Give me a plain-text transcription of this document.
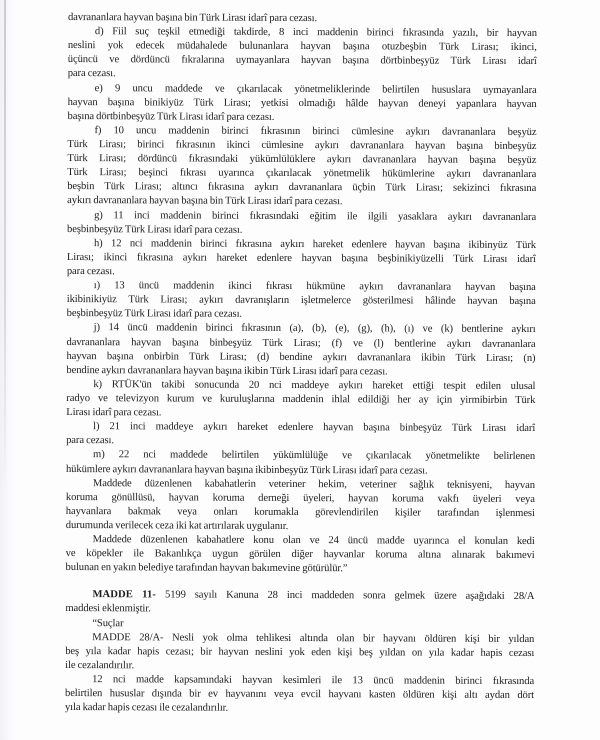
davrananlara hayvan başına bin Türk Lirası idarî para cezası.
d) Fiil suç teşkil etmediği takdirde, 8 inci maddenin birinci fıkrasında yazılı, bir hayvan
neslini yok edecek müdahalede bulunanlara hayvan başına otuzbeşbin Türk Lirası; ikinci,
üçüncü ve dördüncü fıkralarına uymayanlara hayvan başına dörtbinbeşyüz Türk Lirası idarî
para cezası.
e) 9 uncu maddede ve çıkarılacak yönetmeliklerinde belirtilen hususlara uymayanlara
hayvan başına binikiyüz Türk Lirası; yetkisi olmadığı hâlde hayvan deneyi yapanlara hayvan
başına dörtbinbeşyüz Türk Lirası idarî para cezası.
f) 10 uncu maddenin birinci fıkrasının birinci cümlesine aykırı davrananlara beşyüz
Türk Lirası; birinci fıkrasının ikinci cümlesine aykırı davrananlara hayvan başına binbeşyüz
Türk Lirası; dördüncü fıkrasındaki yükümlülüklere aykırı davrananlara hayvan başına beşyüz
Türk Lirası; beşinci fıkrası uyarınca çıkarılacak yönetmelik hükümlerine aykırı davrananlara
beşbin Türk Lirası; altıncı fıkrasına aykırı davrananlara üçbin Türk Lirası; sekizinci fıkrasına
aykırı davrananlara hayvan başına bin Türk Lirası idarî para cezası.
g) 11 inci maddenin birinci fıkrasındaki eğitim ile ilgili yasaklara aykırı davrananlara
beşbinbeşyüz Türk Lirası idarî para cezası.
h) 12 nci maddenin birinci fıkrasına aykırı hareket edenlere hayvan başına ikibinyüz Türk
Lirası; ikinci fıkrasına aykırı hareket edenlere hayvan başına beşbinikiyüzelli Türk Lirası idarî
para cezası.
ı) 13 üncü maddenin ikinci fıkrası hükmüne aykırı davrananlara hayvan başına
ikibinikiyüz Türk Lirası; aykırı davranışların işletmelerce gösterilmesi hâlinde hayvan başına
beşbinbeşyüz Türk Lirası idarî para cezası.
j) 14 üncü maddenin birinci fıkrasının (a), (b), (e), (g), (h), (ı) ve (k) bentlerine aykırı
davrananlara hayvan başına binbeşyüz Türk Lirası; (f) ve (l) bentlerine aykırı davrananlara
hayvan başına onbirbin Türk Lirası; (d) bendine aykırı davrananlara ikibin Türk Lirası; (n)
bendine aykırı davrananlara hayvan başına ikibin Türk Lirası idarî para cezası.
k) RTÜK'ün takibi sonucunda 20 nci maddeye aykırı hareket ettiği tespit edilen ulusal
radyo ve televizyon kurum ve kuruluşlarına maddenin ihlal edildiği her ay için yirmibirbin Türk
Lirası idarî para cezası.
l) 21 inci maddeye aykırı hareket edenlere hayvan başına binbeşyüz Türk Lirası idarî
para cezası.
m) 22 nci maddede belirtilen yükümlülüğe ve çıkarılacak yönetmelikte belirlenen
hükümlere aykırı davrananlara hayvan başına ikibinbeşyüz Türk Lirası idarî para cezası.
Maddede düzenlenen kabahatlerin veteriner hekim, veteriner sağlık teknisyeni, hayvan
koruma gönüllüsü, hayvan koruma derneği üyeleri, hayvan koruma vakfı üyeleri veya
hayvanlara bakmak veya onları korumakla görevlendirilen kişiler tarafından işlenmesi
durumunda verilecek ceza iki kat artırılarak uygulanır.
Maddede düzenlenen kabahatlere konu olan ve 24 üncü madde uyarınca el konulan kedi
ve köpekler ile Bakanlıkça uygun görülen diğer hayvanlar koruma altına alınarak bakımevi
bulunan en yakın belediye tarafından hayvan bakımevine götürülür.”
MADDE 11- 5199 sayılı Kanuna 28 inci maddeden sonra gelmek üzere aşağıdaki 28/A
maddesi eklenmiştir.
“Suçlar
MADDE 28/A- Nesli yok olma tehlikesi altında olan bir hayvanı öldüren kişi bir yıldan
beş yıla kadar hapis cezası; bir hayvan neslini yok eden kişi beş yıldan on yıla kadar hapis cezası
ile cezalandırılır.
12 nci madde kapsamındaki hayvan kesimleri ile 13 üncü maddenin birinci fıkrasında
belirtilen hususlar dışında bir ev hayvanını veya evcil hayvanı kasten öldüren kişi altı aydan dört
yıla kadar hapis cezası ile cezalandırılır.
